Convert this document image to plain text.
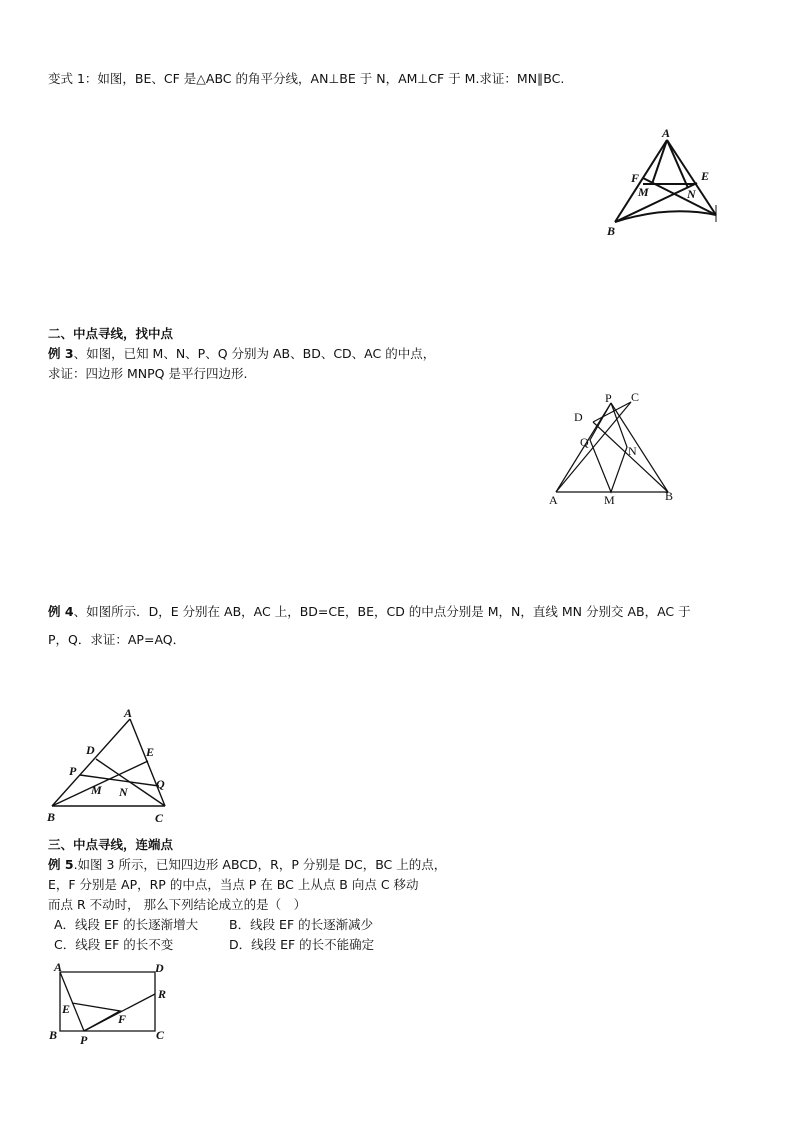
变式 1：如图，BE、CF 是△ABC 的角平分线，AN⊥BE 于 N，AM⊥CF 于 M.求证：MN∥BC.
A
F	E
M	N
B
二、中点寻线，找中点
例 3、如图，已知 M、N、P、Q 分别为 AB、BD、CD、AC 的中点，
求证：四边形 MNPQ 是平行四边形.
P C
D
Q
N
A	M	B
例 4、如图所示．D，E 分别在 AB，AC 上，BD=CE，BE，CD 的中点分别是 M，N，直线 MN 分别交 AB，AC 于
P，Q．求证：AP=AQ．
A
D	E
P
Q
M N
B	C
三、中点寻线，连端点
例 5.如图 3 所示，已知四边形 ABCD，R，P 分别是 DC，BC 上的点，
E，F 分别是 AP，RP 的中点，当点 P 在 BC 上从点 B 向点 C 移动
而点 R 不动时， 那么下列结论成立的是（　）
A．线段 EF 的长逐渐增大 B．线段 EF 的长逐渐减少
C．线段 EF 的长不变	D．线段 EF 的长不能确定
A	D
R
E
F
B P	C
